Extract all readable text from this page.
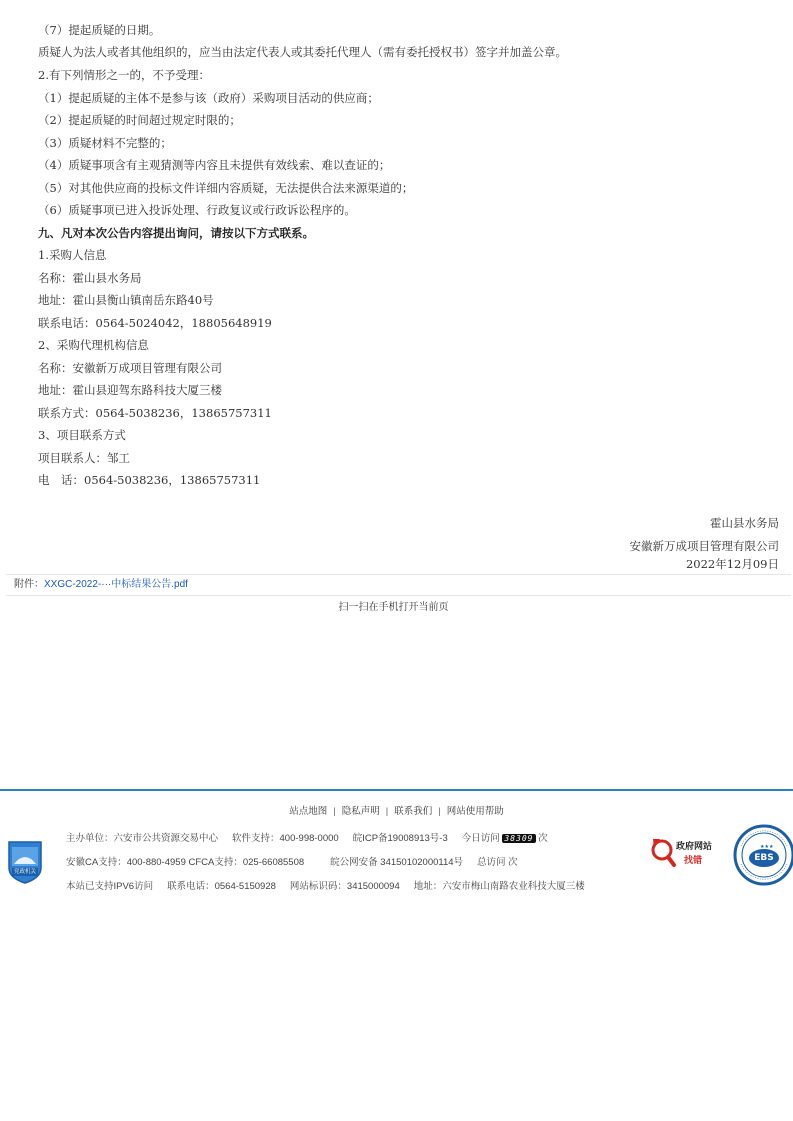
（7）提起质疑的日期。
质疑人为法人或者其他组织的，应当由法定代表人或其委托代理人（需有委托授权书）签字并加盖公章。
2.有下列情形之一的，不予受理：
（1）提起质疑的主体不是参与该（政府）采购项目活动的供应商；
（2）提起质疑的时间超过规定时限的；
（3）质疑材料不完整的；
（4）质疑事项含有主观猜测等内容且未提供有效线索、难以查证的；
（5）对其他供应商的投标文件详细内容质疑，无法提供合法来源渠道的；
（6）质疑事项已进入投诉处理、行政复议或行政诉讼程序的。
九、凡对本次公告内容提出询问，请按以下方式联系。
1.采购人信息
名称：霍山县水务局
地址：霍山县衡山镇南岳东路40号
联系电话：0564-5024042，18805648919
2、采购代理机构信息
名称：安徽新万成项目管理有限公司
地址：霍山县迎驾东路科技大厦三楼
联系方式：0564-5038236，13865757311
3、项目联系方式
项目联系人：邹工
电　话：0564-5038236，13865757311
霍山县水务局
安徽新万成项目管理有限公司
2022年12月09日
附件： XXGC-2022-···中标结果公告.pdf
扫一扫在手机打开当前页
站点地图 | 隐私声明 | 联系我们 | 网站使用帮助
主办单位：六安市公共资源交易中心 软件支持：400-998-0000 皖ICP备19008913号-3 今日访问 38309 次
安徽CA支持：400-880-4959 CFCA支持：025-66085508	皖公网安备 34150102000114号 总访问 次
本站已支持IPV6访问 联系电话：0564-5150928 网站标识码：3415000094 地址：六安市梅山南路农业科技大厦三楼
党政机关
政府网站
找错
★★★
EBS
